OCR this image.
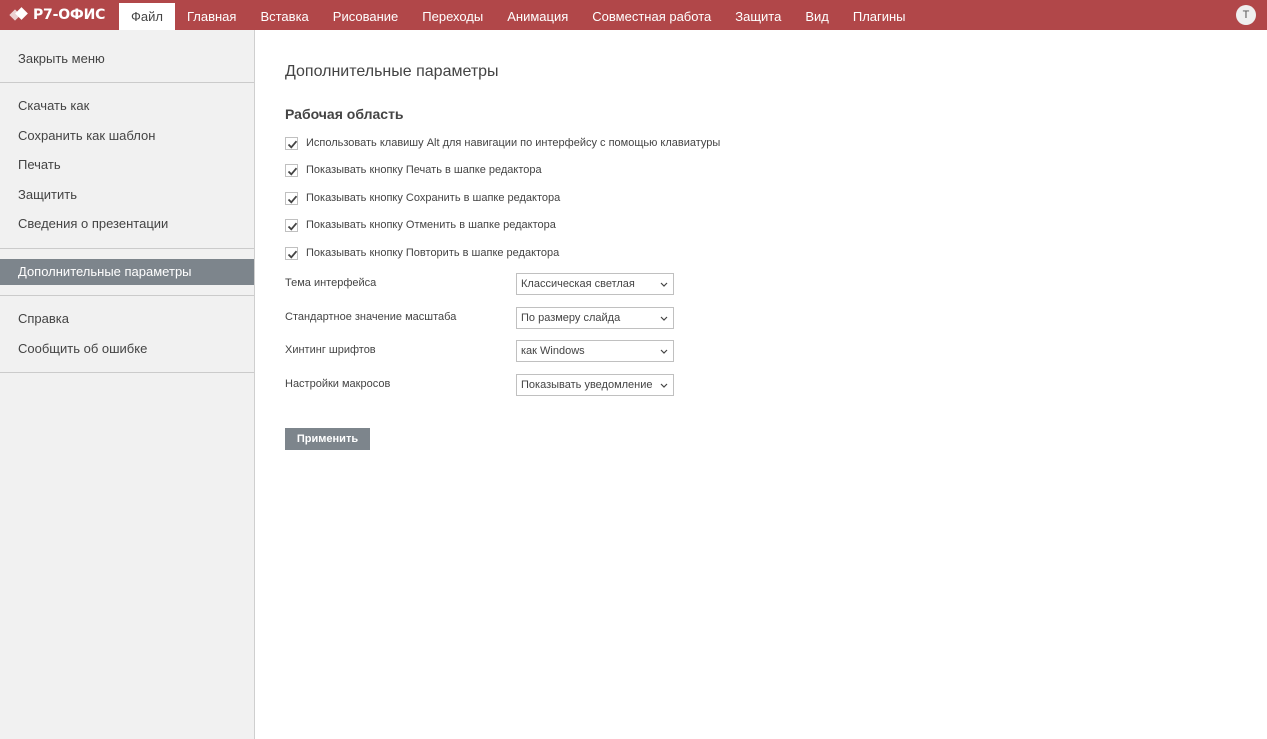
Р7-ОФИС	Файл	Главная	Вставка	Рисование	Переходы	Анимация	Совместная работа	Защита	Вид	Плагины	Т
Закрыть меню
Скачать как
Сохранить как шаблон
Печать
Защитить
Сведения о презентации
Дополнительные параметры
Справка
Сообщить об ошибке
Дополнительные параметры
Рабочая область
Использовать клавишу Alt для навигации по интерфейсу с помощью клавиатуры
Показывать кнопку Печать в шапке редактора
Показывать кнопку Сохранить в шапке редактора
Показывать кнопку Отменить в шапке редактора
Показывать кнопку Повторить в шапке редактора
Тема интерфейса	Классическая светлая
Стандартное значение масштаба	По размеру слайда
Хинтинг шрифтов	как Windows
Настройки макросов	Показывать уведомление
Применить
